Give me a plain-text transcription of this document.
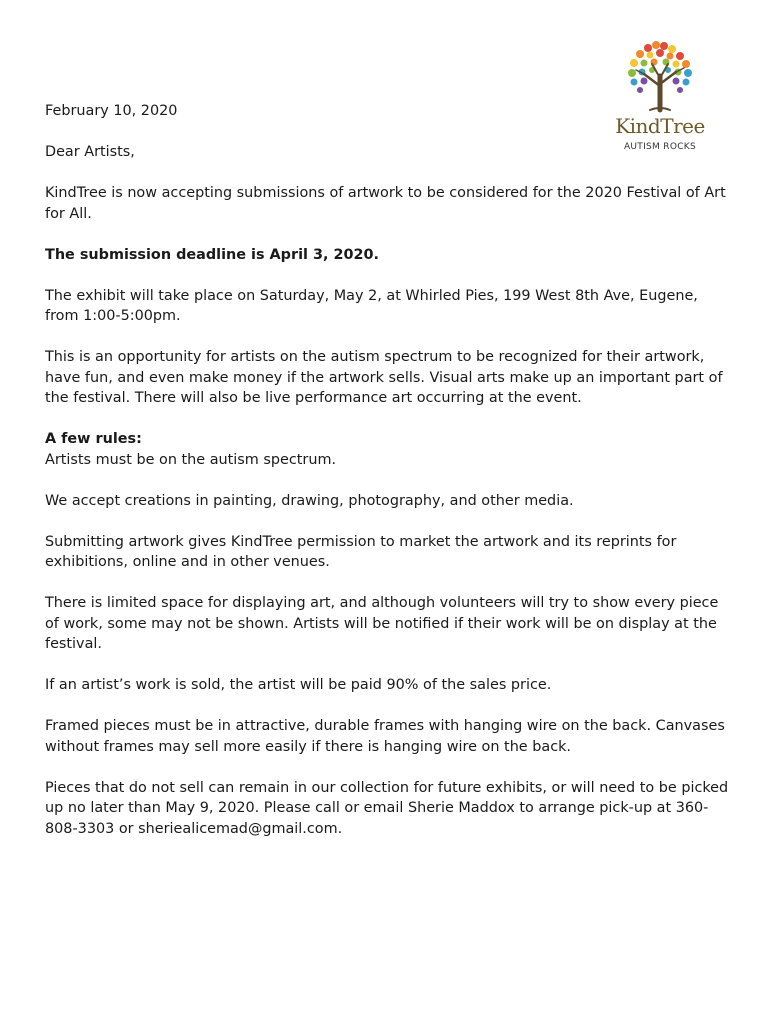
KindTree
AUTISM ROCKS

February 10, 2020

Dear Artists,

KindTree is now accepting submissions of artwork to be considered for the 2020 Festival of Art for All.

The submission deadline is April 3, 2020.

The exhibit will take place on Saturday, May 2, at Whirled Pies, 199 West 8th Ave, Eugene, from 1:00-5:00pm.

This is an opportunity for artists on the autism spectrum to be recognized for their artwork, have fun, and even make money if the artwork sells. Visual arts make up an important part of the festival. There will also be live performance art occurring at the event.

A few rules:
Artists must be on the autism spectrum.

We accept creations in painting, drawing, photography, and other media.

Submitting artwork gives KindTree permission to market the artwork and its reprints for exhibitions, online and in other venues.

There is limited space for displaying art, and although volunteers will try to show every piece of work, some may not be shown. Artists will be notified if their work will be on display at the festival.

If an artist’s work is sold, the artist will be paid 90% of the sales price.

Framed pieces must be in attractive, durable frames with hanging wire on the back. Canvases without frames may sell more easily if there is hanging wire on the back.

Pieces that do not sell can remain in our collection for future exhibits, or will need to be picked up no later than May 9, 2020. Please call or email Sherie Maddox to arrange pick-up at 360-808-3303 or sheriealicemad@gmail.com.
